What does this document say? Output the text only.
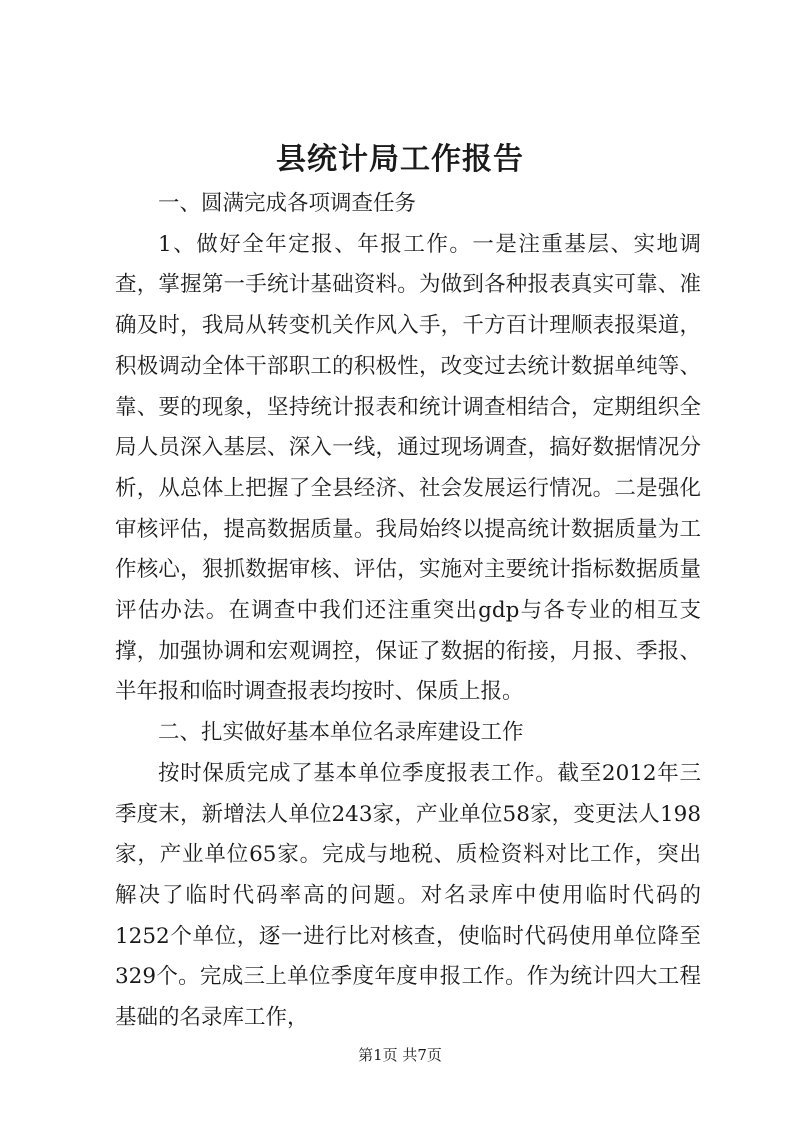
县统计局工作报告

一、圆满完成各项调查任务

1、做好全年定报、年报工作。一是注重基层、实地调查，掌握第一手统计基础资料。为做到各种报表真实可靠、准确及时，我局从转变机关作风入手，千方百计理顺表报渠道，积极调动全体干部职工的积极性，改变过去统计数据单纯等、靠、要的现象，坚持统计报表和统计调查相结合，定期组织全局人员深入基层、深入一线，通过现场调查，搞好数据情况分析，从总体上把握了全县经济、社会发展运行情况。二是强化审核评估，提高数据质量。我局始终以提高统计数据质量为工作核心，狠抓数据审核、评估，实施对主要统计指标数据质量评估办法。在调查中我们还注重突出gdp与各专业的相互支撑，加强协调和宏观调控，保证了数据的衔接，月报、季报、半年报和临时调查报表均按时、保质上报。

二、扎实做好基本单位名录库建设工作

按时保质完成了基本单位季度报表工作。截至2012年三季度末，新增法人单位243家，产业单位58家，变更法人198家，产业单位65家。完成与地税、质检资料对比工作，突出解决了临时代码率高的问题。对名录库中使用临时代码的1252个单位，逐一进行比对核查，使临时代码使用单位降至329个。完成三上单位季度年度申报工作。作为统计四大工程基础的名录库工作，

第1页 共7页
